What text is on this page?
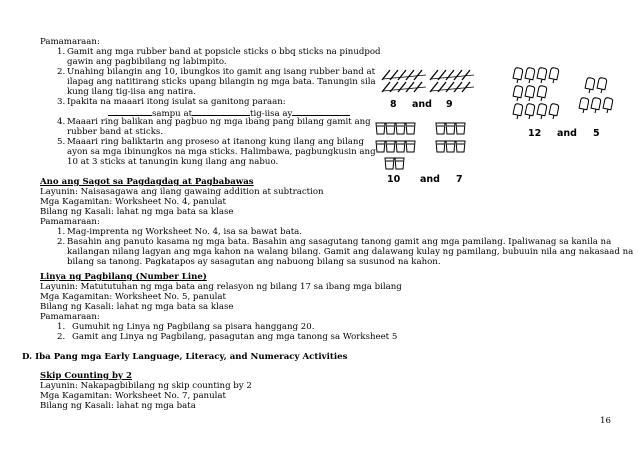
Pamamaraan:
1. Gamit ang mga rubber band at popsicle sticks o bbq sticks na pinudpod
gawin ang pagbibilang ng labimpito.
2. Unahing bilangin ang 10, ibungkos ito gamit ang isang rubber band at
ilapag ang natitirang sticks upang bilangin ng mga bata. Tanungin sila
kung ilang tig-iisa ang natira.
3. Ipakita na maaari itong isulat sa ganitong paraan:
sampu at	tig-iisa ay
4. Maaari ring balikan ang pagbuo ng mga ibang pang bilang gamit ang
rubber band at sticks.
5. Maaari ring baliktarin ang proseso at itanong kung ilang ang bilang
ayon sa mga ibinungkos na mga sticks. Halimbawa, pagbungkusin ang
10 at 3 sticks at tanungin kung ilang ang nabuo.
8 and 9
10 and 7
12 and 5
Ano ang Sagot sa Pagdagdag at Pagbabawas
Layunin: Naisasagawa ang ilang gawaing addition at subtraction
Mga Kagamitan: Worksheet No. 4, panulat
Bilang ng Kasali: lahat ng mga bata sa klase
Pamamaraan:
1. Mag-imprenta ng Worksheet No. 4, isa sa bawat bata.
2. Basahin ang panuto kasama ng mga bata. Basahin ang sasagutang tanong gamit ang mga pamilang. Ipaliwanag sa kanila na
kailangan nilang lagyan ang mga kahon na walang bilang. Gamit ang dalawang kulay ng pamilang, bubuuin nila ang nakasaad na
bilang sa tanong. Pagkatapos ay sasagutan ang nabuong bilang sa susunod na kahon.
Linya ng Pagbilang (Number Line)
Layunin: Matututuhan ng mga bata ang relasyon ng bilang 17 sa ibang mga bilang
Mga Kagamitan: Worksheet No. 5, panulat
Bilang ng Kasali: lahat ng mga bata sa klase
Pamamaraan:
1. Gumuhit ng Linya ng Pagbilang sa pisara hanggang 20.
2. Gamit ang Linya ng Pagbilang, pasagutan ang mga tanong sa Worksheet 5
D. Iba Pang mga Early Language, Literacy, and Numeracy Activities
Skip Counting by 2
Layunin: Nakapagbibilang ng skip counting by 2
Mga Kagamitan: Worksheet No. 7, panulat
Bilang ng Kasali: lahat ng mga bata
16
